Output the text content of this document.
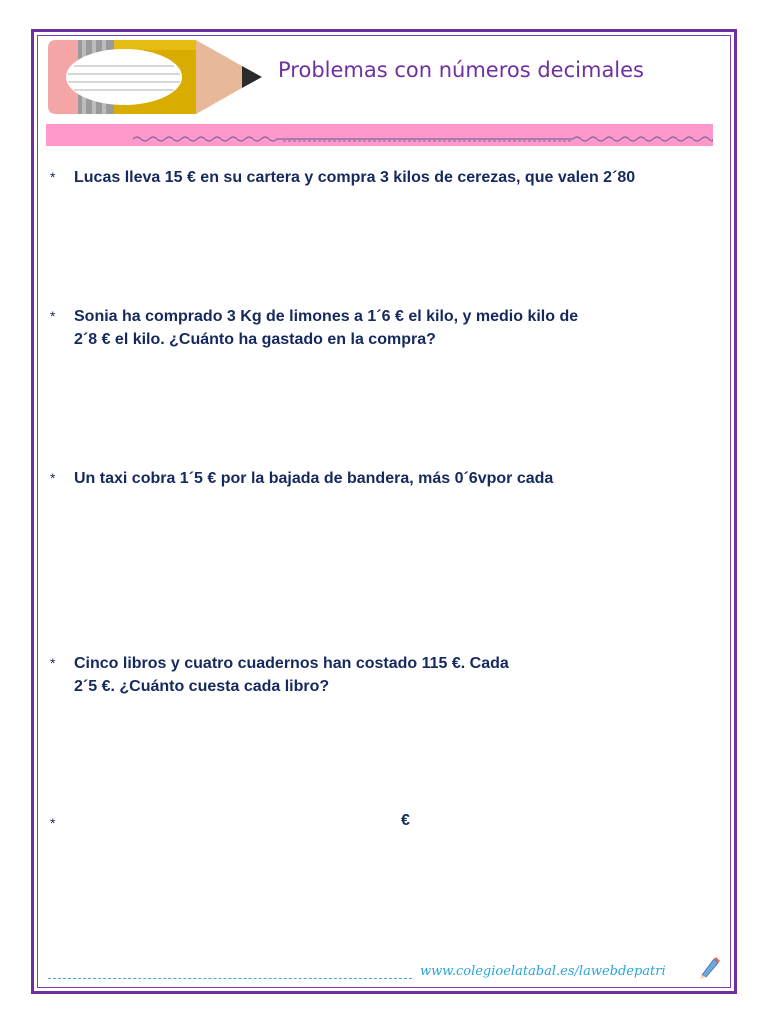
Problemas con números decimales
* Lucas lleva 15 € en su cartera y compra 3 kilos de cerezas, que valen 2´80
* Sonia ha comprado 3 Kg de limones a 1´6 € el kilo, y medio kilo de
2´8 € el kilo. ¿Cuánto ha gastado en la compra?
* Un taxi cobra 1´5 € por la bajada de bandera, más 0´6vpor cada
* Cinco libros y cuatro cuadernos han costado 115 €. Cada
2´5 €. ¿Cuánto cuesta cada libro?
*	€
www.colegioelatabal.es/lawebdepatri
